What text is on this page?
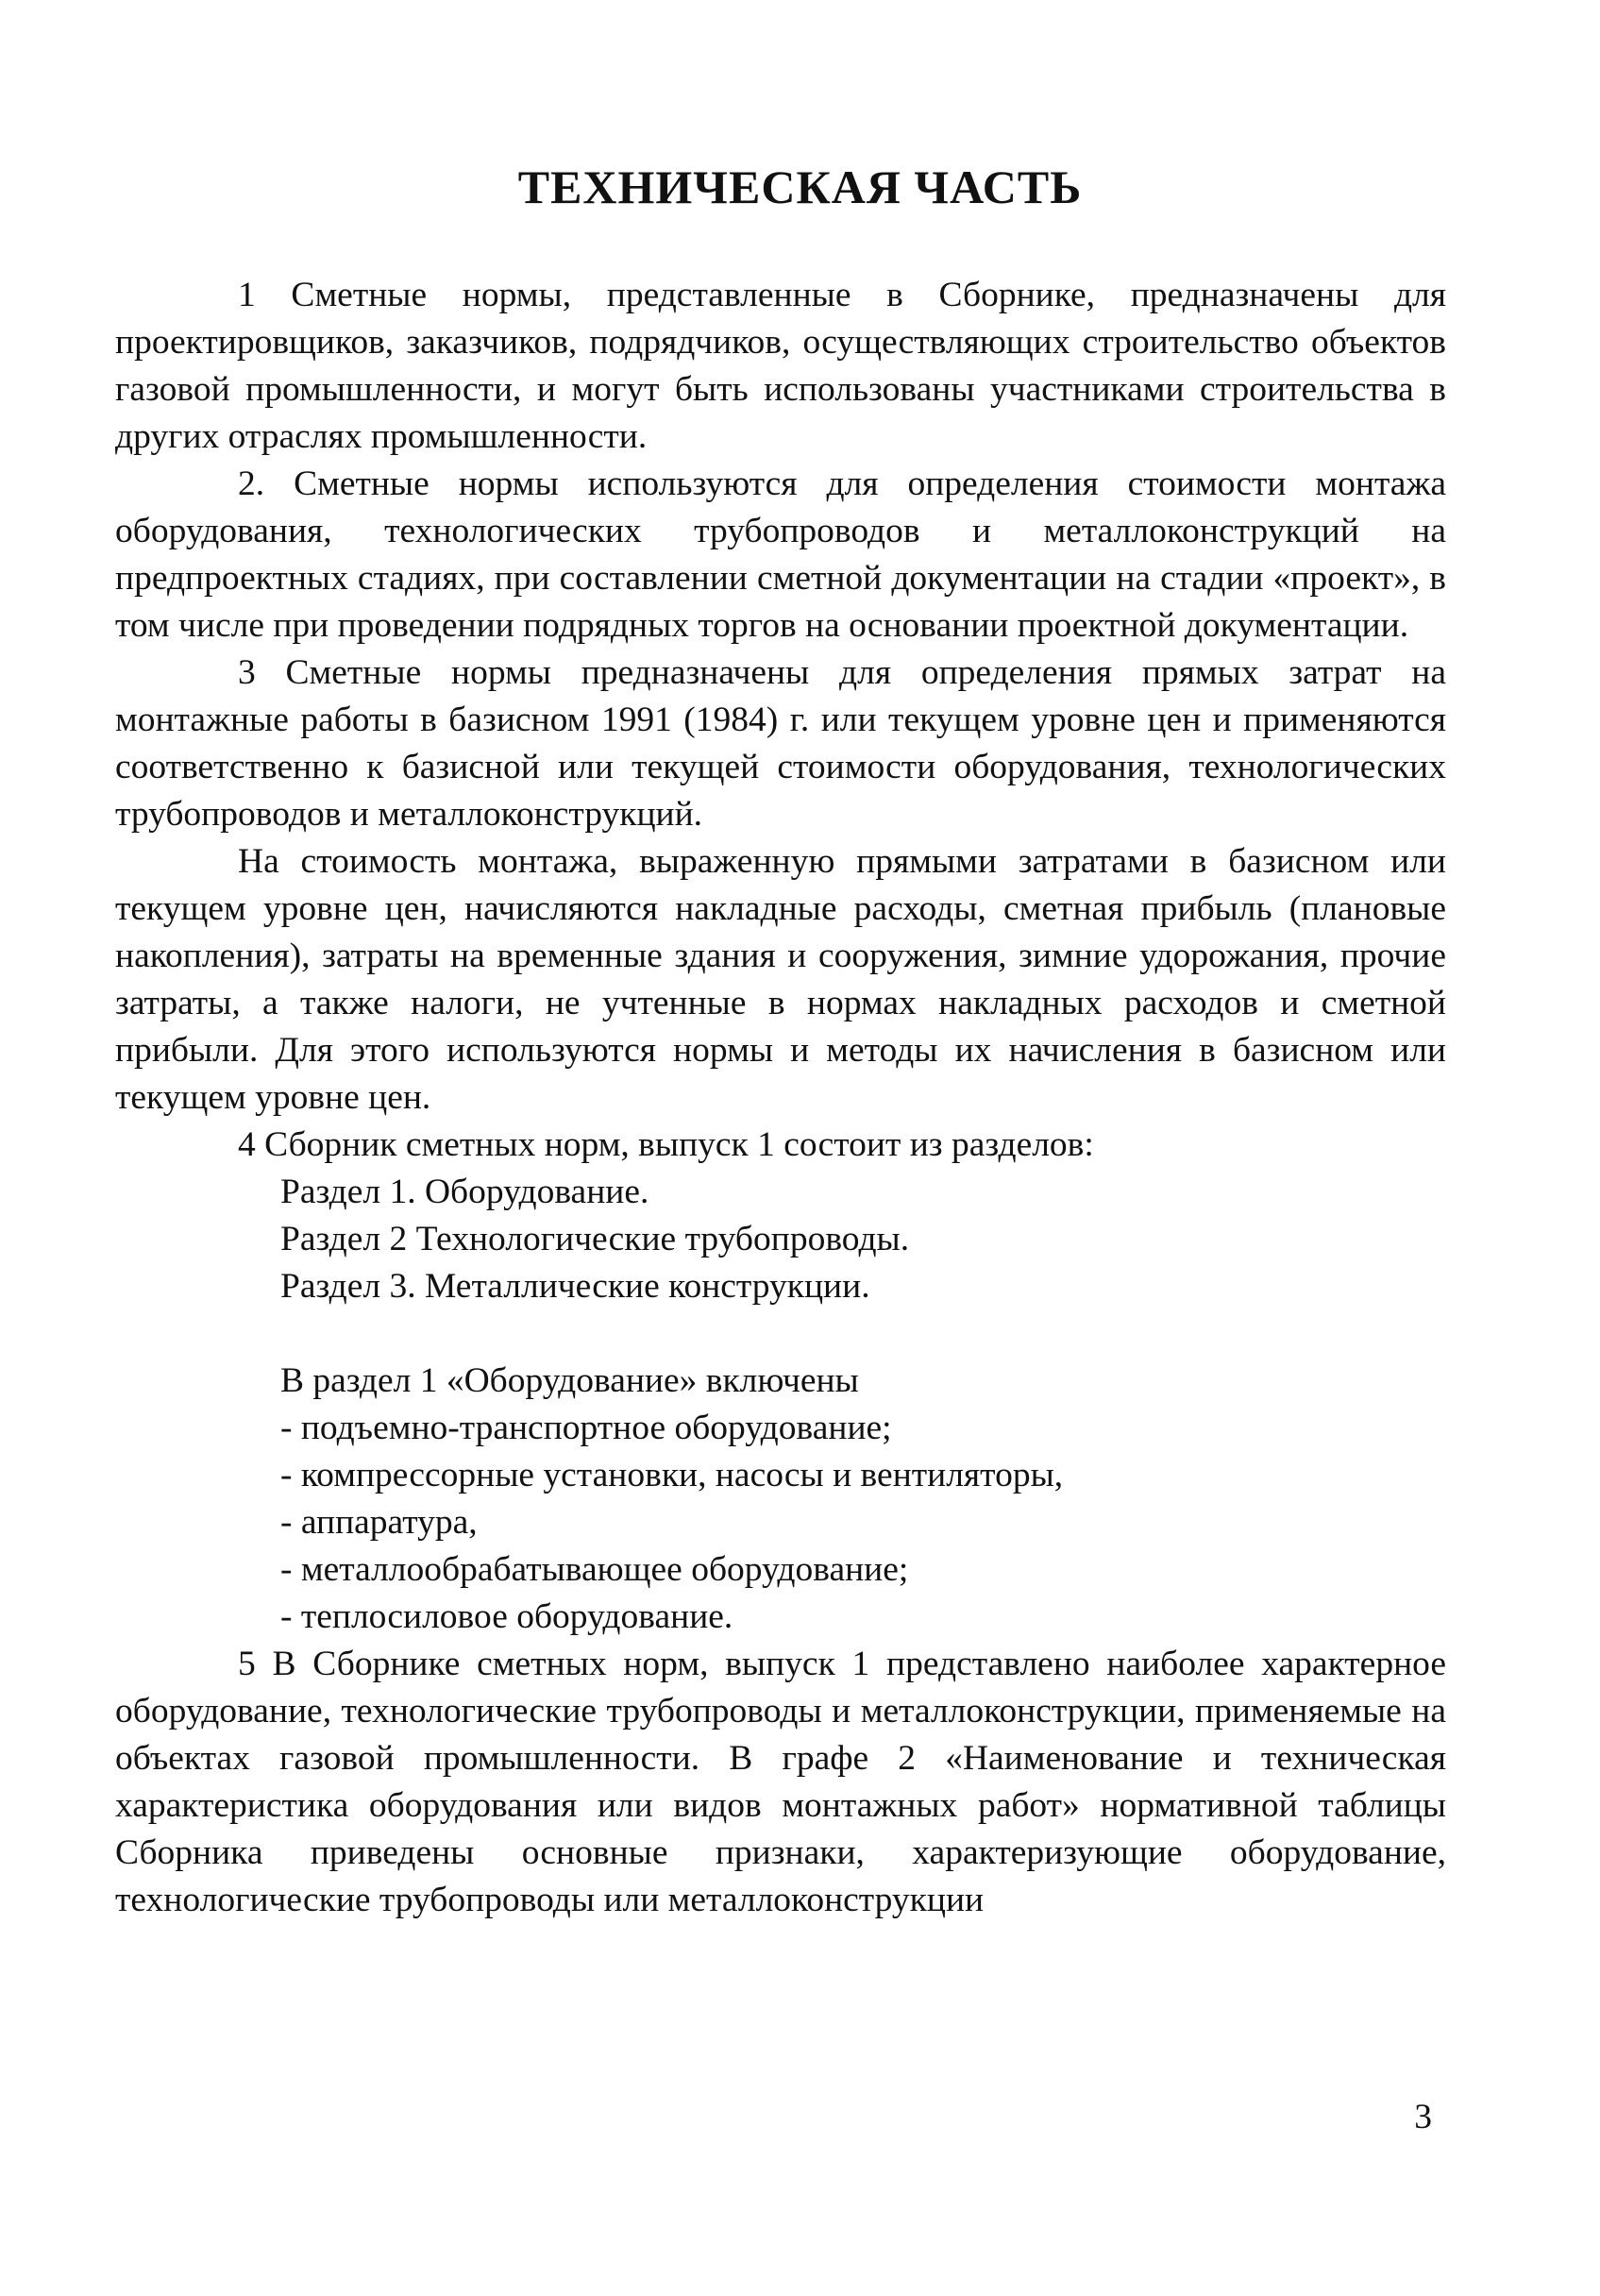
ТЕХНИЧЕСКАЯ ЧАСТЬ

1 Сметные нормы, представленные в Сборнике, предназначены для проектировщиков, заказчиков, подрядчиков, осуществляющих строительство объектов газовой промышленности, и могут быть использованы участниками строительства в других отраслях промышленности.

2. Сметные нормы используются для определения стоимости монтажа оборудования, технологических трубопроводов и металлоконструкций на предпроектных стадиях, при составлении сметной документации на стадии «проект», в том числе при проведении подрядных торгов на основании проектной документации.

3 Сметные нормы предназначены для определения прямых затрат на монтажные работы в базисном 1991 (1984) г. или текущем уровне цен и применяются соответственно к базисной или текущей стоимости оборудования, технологических трубопроводов и металлоконструкций.

На стоимость монтажа, выраженную прямыми затратами в базисном или текущем уровне цен, начисляются накладные расходы, сметная прибыль (плановые накопления), затраты на временные здания и сооружения, зимние удорожания, прочие затраты, а также налоги, не учтенные в нормах накладных расходов и сметной прибыли. Для этого используются нормы и методы их начисления в базисном или текущем уровне цен.

4 Сборник сметных норм, выпуск 1 состоит из разделов:

Раздел 1. Оборудование.

Раздел 2 Технологические трубопроводы.

Раздел 3. Металлические конструкции.

В раздел 1 «Оборудование» включены

- подъемно-транспортное оборудование;

- компрессорные установки, насосы и вентиляторы,

- аппаратура,

- металлообрабатывающее оборудование;

- теплосиловое оборудование.

5 В Сборнике сметных норм, выпуск 1 представлено наиболее характерное оборудование, технологические трубопроводы и металлоконструкции, применяемые на объектах газовой промышленности. В графе 2 «Наименование и техническая характеристика оборудования или видов монтажных работ» нормативной таблицы Сборника приведены основные признаки, характеризующие оборудование, технологические трубопроводы или металлоконструкции

3
